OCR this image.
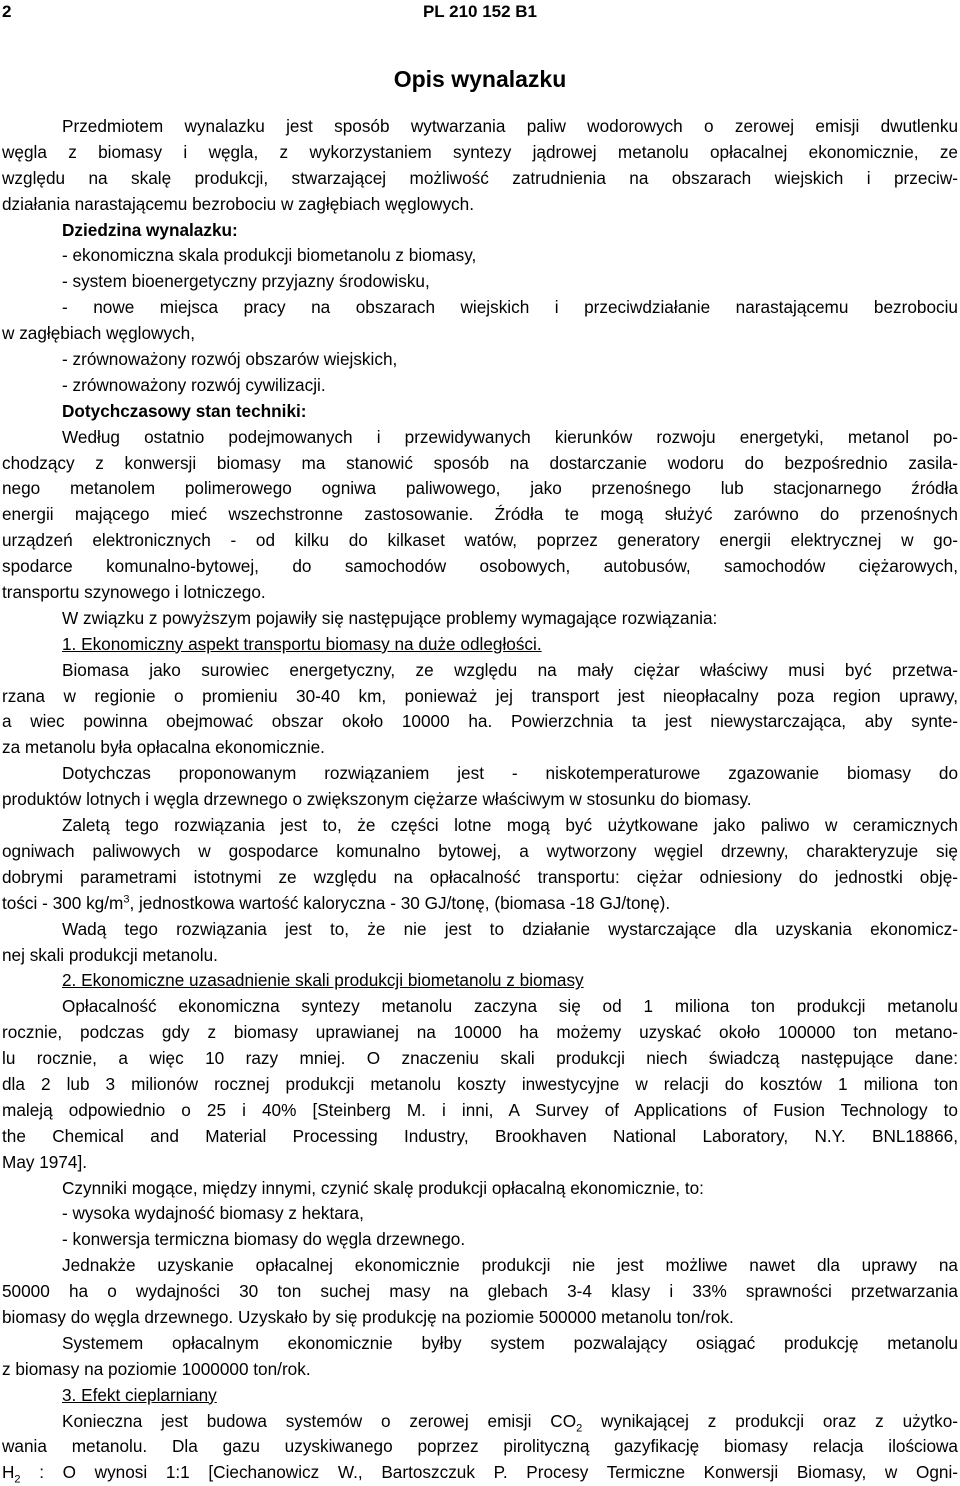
2	PL 210 152 B1
Opis wynalazku
Przedmiotem wynalazku jest sposób wytwarzania paliw wodorowych o zerowej emisji dwutlenku
węgla z biomasy i węgla, z wykorzystaniem syntezy jądrowej metanolu opłacalnej ekonomicznie, ze
względu na skalę produkcji, stwarzającej możliwość zatrudnienia na obszarach wiejskich i przeciw-
działania narastającemu bezrobociu w zagłębiach węglowych.
Dziedzina wynalazku:
- ekonomiczna skala produkcji biometanolu z biomasy,
- system bioenergetyczny przyjazny środowisku,
- nowe miejsca pracy na obszarach wiejskich i przeciwdziałanie narastającemu bezrobociu
w zagłębiach węglowych,
- zrównoważony rozwój obszarów wiejskich,
- zrównoważony rozwój cywilizacji.
Dotychczasowy stan techniki:
Według ostatnio podejmowanych i przewidywanych kierunków rozwoju energetyki, metanol po-
chodzący z konwersji biomasy ma stanowić sposób na dostarczanie wodoru do bezpośrednio zasila-
nego metanolem polimerowego ogniwa paliwowego, jako przenośnego lub stacjonarnego źródła
energii mającego mieć wszechstronne zastosowanie. Źródła te mogą służyć zarówno do przenośnych
urządzeń elektronicznych - od kilku do kilkaset watów, poprzez generatory energii elektrycznej w go-
spodarce komunalno-bytowej, do samochodów osobowych, autobusów, samochodów ciężarowych,
transportu szynowego i lotniczego.
W związku z powyższym pojawiły się następujące problemy wymagające rozwiązania:
1. Ekonomiczny aspekt transportu biomasy na duże odległości.
Biomasa jako surowiec energetyczny, ze względu na mały ciężar właściwy musi być przetwa-
rzana w regionie o promieniu 30-40 km, ponieważ jej transport jest nieopłacalny poza region uprawy,
a wiec powinna obejmować obszar około 10000 ha. Powierzchnia ta jest niewystarczająca, aby synte-
za metanolu była opłacalna ekonomicznie.
Dotychczas proponowanym rozwiązaniem jest - niskotemperaturowe zgazowanie biomasy do
produktów lotnych i węgla drzewnego o zwiększonym ciężarze właściwym w stosunku do biomasy.
Zaletą tego rozwiązania jest to, że części lotne mogą być użytkowane jako paliwo w ceramicznych
ogniwach paliwowych w gospodarce komunalno bytowej, a wytworzony węgiel drzewny, charakteryzuje się
dobrymi parametrami istotnymi ze względu na opłacalność transportu: ciężar odniesiony do jednostki obję-
tości - 300 $kg/m^3$, jednostkowa wartość kaloryczna - 30 GJ/tonę, (biomasa -18 GJ/tonę).
Wadą tego rozwiązania jest to, że nie jest to działanie wystarczające dla uzyskania ekonomicz-
nej skali produkcji metanolu.
2. Ekonomiczne uzasadnienie skali produkcji biometanolu z biomasy
Opłacalność ekonomiczna syntezy metanolu zaczyna się od 1 miliona ton produkcji metanolu
rocznie, podczas gdy z biomasy uprawianej na 10000 ha możemy uzyskać około 100000 ton metano-
lu rocznie, a więc 10 razy mniej. O znaczeniu skali produkcji niech świadczą następujące dane:
dla 2 lub 3 milionów rocznej produkcji metanolu koszty inwestycyjne w relacji do kosztów 1 miliona ton
maleją odpowiednio o 25 i 40% [Steinberg M. i inni, A Survey of Applications of Fusion Technology to
the Chemical and Material Processing Industry, Brookhaven National Laboratory, N.Y. BNL18866,
May 1974].
Czynniki mogące, między innymi, czynić skalę produkcji opłacalną ekonomicznie, to:
- wysoka wydajność biomasy z hektara,
- konwersja termiczna biomasy do węgla drzewnego.
Jednakże uzyskanie opłacalnej ekonomicznie produkcji nie jest możliwe nawet dla uprawy na
50000 ha o wydajności 30 ton suchej masy na glebach 3-4 klasy i 33% sprawności przetwarzania
biomasy do węgla drzewnego. Uzyskało by się produkcję na poziomie 500000 metanolu ton/rok.
Systemem opłacalnym ekonomicznie byłby system pozwalający osiągać produkcję metanolu
z biomasy na poziomie 1000000 ton/rok.
3. Efekt cieplarniany
Konieczna jest budowa systemów o zerowej emisji $CO_2$ wynikającej z produkcji oraz z użytko-
wania metanolu. Dla gazu uzyskiwanego poprzez pirolityczną gazyfikację biomasy relacja ilościowa
$H_2$ : O wynosi 1:1 [Ciechanowicz W., Bartoszczuk P. Procesy Termiczne Konwersji Biomasy, w Ogni-
